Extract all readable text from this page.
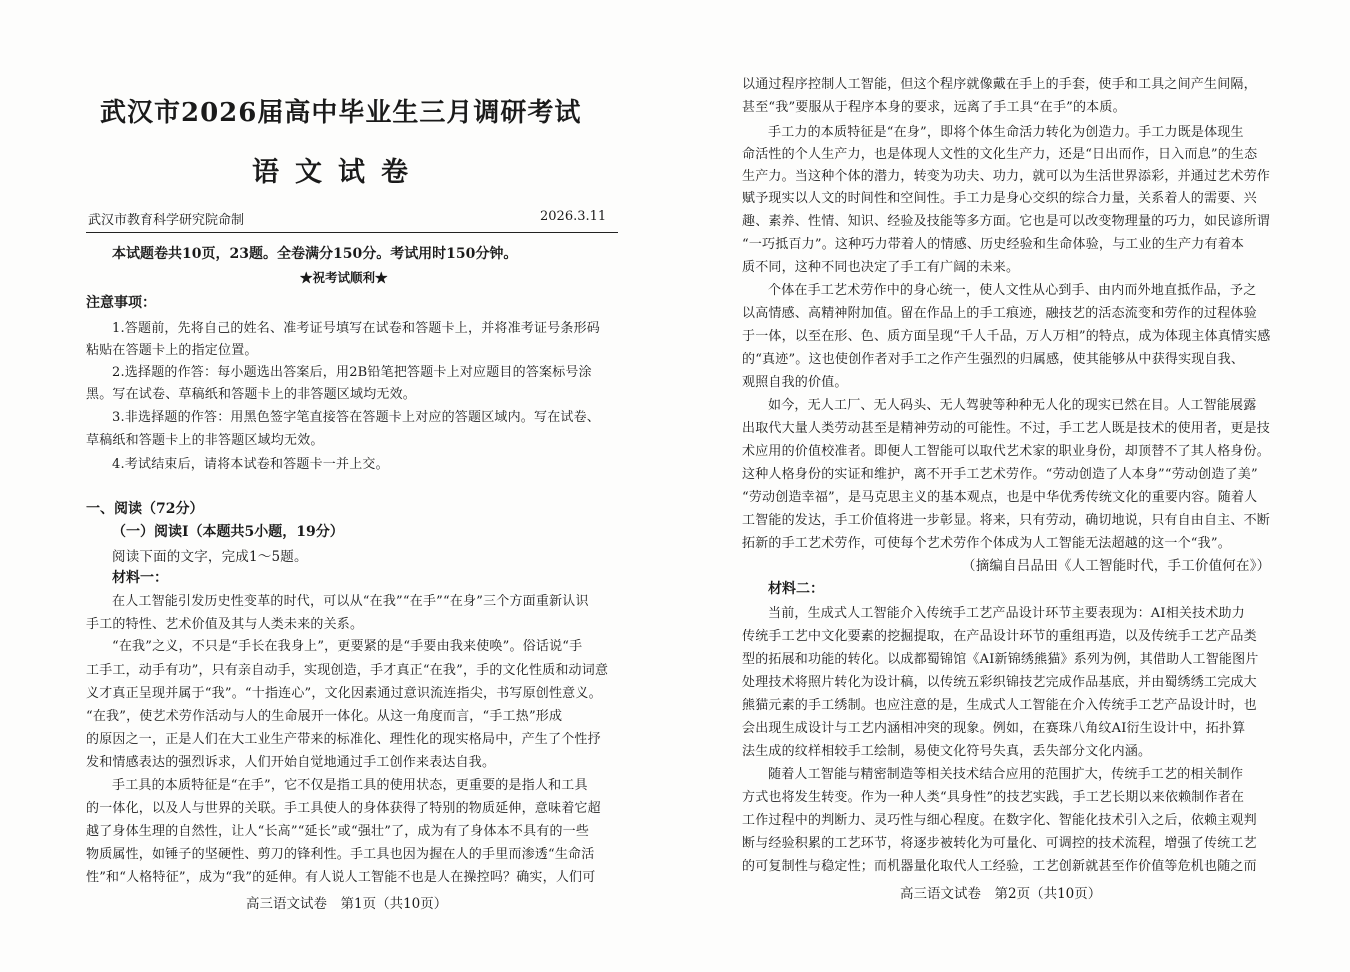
武汉市2026届高中毕业生三月调研考试
语文试卷
武汉市教育科学研究院命制	2026.3.11
本试题卷共10页，23题。全卷满分150分。考试用时150分钟。
★祝考试顺利★
注意事项：
1.答题前，先将自己的姓名、准考证号填写在试卷和答题卡上，并将准考证号条形码
粘贴在答题卡上的指定位置。
2.选择题的作答：每小题选出答案后，用2B铅笔把答题卡上对应题目的答案标号涂
黑。写在试卷、草稿纸和答题卡上的非答题区域均无效。
3.非选择题的作答：用黑色签字笔直接答在答题卡上对应的答题区域内。写在试卷、
草稿纸和答题卡上的非答题区域均无效。
4.考试结束后，请将本试卷和答题卡一并上交。
一、阅读（72分）
（一）阅读Ⅰ（本题共5小题，19分）
阅读下面的文字，完成1～5题。
材料一：
在人工智能引发历史性变革的时代，可以从“在我”“在手”“在身”三个方面重新认识
手工的特性、艺术价值及其与人类未来的关系。
“在我”之义，不只是“手长在我身上”，更要紧的是“手要由我来使唤”。俗话说“手
工手工，动手有功”，只有亲自动手，实现创造，手才真正“在我”，手的文化性质和动词意
义才真正呈现并属于“我”。“十指连心”，文化因素通过意识流连指尖，书写原创性意义。
“在我”，使艺术劳作活动与人的生命展开一体化。从这一角度而言，“手工热”形成
的原因之一，正是人们在大工业生产带来的标准化、理性化的现实格局中，产生了个性抒
发和情感表达的强烈诉求，人们开始自觉地通过手工创作来表达自我。
手工具的本质特征是“在手”，它不仅是指工具的使用状态，更重要的是指人和工具
的一体化，以及人与世界的关联。手工具使人的身体获得了特别的物质延伸，意味着它超
越了身体生理的自然性，让人“长高”“延长”或“强壮”了，成为有了身体本不具有的一些
物质属性，如锤子的坚硬性、剪刀的锋利性。手工具也因为握在人的手里而渗透“生命活
性”和“人格特征”，成为“我”的延伸。有人说人工智能不也是人在操控吗？确实，人们可
高三语文试卷　第1页（共10页）
以通过程序控制人工智能，但这个程序就像戴在手上的手套，使手和工具之间产生间隔，
甚至“我”要服从于程序本身的要求，远离了手工具“在手”的本质。
手工力的本质特征是“在身”，即将个体生命活力转化为创造力。手工力既是体现生
命活性的个人生产力，也是体现人文性的文化生产力，还是“日出而作，日入而息”的生态
生产力。当这种个体的潜力，转变为功夫、功力，就可以为生活世界添彩，并通过艺术劳作
赋予现实以人文的时间性和空间性。手工力是身心交织的综合力量，关系着人的需要、兴
趣、素养、性情、知识、经验及技能等多方面。它也是可以改变物理量的巧力，如民谚所谓
“一巧抵百力”。这种巧力带着人的情感、历史经验和生命体验，与工业的生产力有着本
质不同，这种不同也决定了手工有广阔的未来。
个体在手工艺术劳作中的身心统一，使人文性从心到手、由内而外地直抵作品，予之
以高情感、高精神附加值。留在作品上的手工痕迹，融技艺的活态流变和劳作的过程体验
于一体，以至在形、色、质方面呈现“千人千品，万人万相”的特点，成为体现主体真情实感
的“真迹”。这也使创作者对手工之作产生强烈的归属感，使其能够从中获得实现自我、
观照自我的价值。
如今，无人工厂、无人码头、无人驾驶等种种无人化的现实已然在目。人工智能展露
出取代大量人类劳动甚至是精神劳动的可能性。不过，手工艺人既是技术的使用者，更是技
术应用的价值校准者。即便人工智能可以取代艺术家的职业身份，却顶替不了其人格身份。
这种人格身份的实证和维护，离不开手工艺术劳作。“劳动创造了人本身”“劳动创造了美”
“劳动创造幸福”，是马克思主义的基本观点，也是中华优秀传统文化的重要内容。随着人
工智能的发达，手工价值将进一步彰显。将来，只有劳动，确切地说，只有自由自主、不断
拓新的手工艺术劳作，可使每个艺术劳作个体成为人工智能无法超越的这一个“我”。
（摘编自吕品田《人工智能时代，手工价值何在》）
材料二：
当前，生成式人工智能介入传统手工艺产品设计环节主要表现为：AI相关技术助力
传统手工艺中文化要素的挖掘提取，在产品设计环节的重组再造，以及传统手工艺产品类
型的拓展和功能的转化。以成都蜀锦馆《AI新锦绣熊猫》系列为例，其借助人工智能图片
处理技术将照片转化为设计稿，以传统五彩织锦技艺完成作品基底，并由蜀绣绣工完成大
熊猫元素的手工绣制。也应注意的是，生成式人工智能在介入传统手工艺产品设计时，也
会出现生成设计与工艺内涵相冲突的现象。例如，在赛珠八角纹AI衍生设计中，拓扑算
法生成的纹样相较手工绘制，易使文化符号失真，丢失部分文化内涵。
随着人工智能与精密制造等相关技术结合应用的范围扩大，传统手工艺的相关制作
方式也将发生转变。作为一种人类“具身性”的技艺实践，手工艺长期以来依赖制作者在
工作过程中的判断力、灵巧性与细心程度。在数字化、智能化技术引入之后，依赖主观判
断与经验积累的工艺环节，将逐步被转化为可量化、可调控的技术流程，增强了传统工艺
的可复制性与稳定性；而机器量化取代人工经验，工艺创新就甚至作价值等危机也随之而
高三语文试卷　第2页（共10页）
